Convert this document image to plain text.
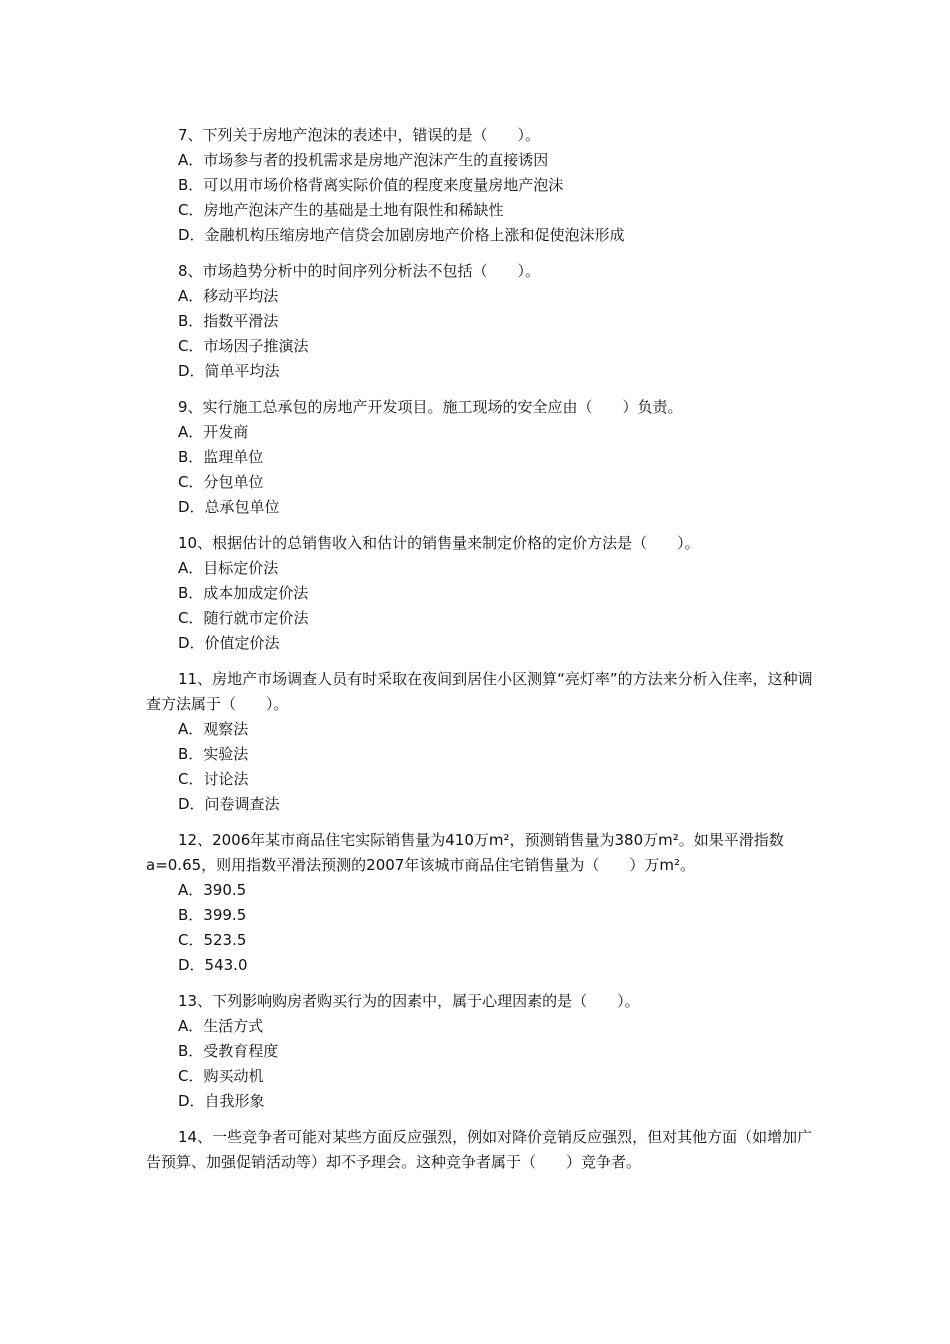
7、下列关于房地产泡沫的表述中，错误的是（　　）。

A．市场参与者的投机需求是房地产泡沫产生的直接诱因
B．可以用市场价格背离实际价值的程度来度量房地产泡沫
C．房地产泡沫产生的基础是土地有限性和稀缺性
D．金融机构压缩房地产信贷会加剧房地产价格上涨和促使泡沫形成

8、市场趋势分析中的时间序列分析法不包括（　　）。

A．移动平均法
B．指数平滑法
C．市场因子推演法
D．简单平均法

9、实行施工总承包的房地产开发项目。施工现场的安全应由（　　）负责。

A．开发商
B．监理单位
C．分包单位
D．总承包单位

10、根据估计的总销售收入和估计的销售量来制定价格的定价方法是（　　）。

A．目标定价法
B．成本加成定价法
C．随行就市定价法
D．价值定价法

11、房地产市场调查人员有时采取在夜间到居住小区测算“亮灯率”的方法来分析入住率，这种调查方法属于（　　）。

A．观察法
B．实验法
C．讨论法
D．问卷调查法

12、2006年某市商品住宅实际销售量为410万m²，预测销售量为380万m²。如果平滑指数a=0.65，则用指数平滑法预测的2007年该城市商品住宅销售量为（　　）万m²。

A．390.5
B．399.5
C．523.5
D．543.0

13、下列影响购房者购买行为的因素中，属于心理因素的是（　　）。

A．生活方式
B．受教育程度
C．购买动机
D．自我形象

14、一些竞争者可能对某些方面反应强烈，例如对降价竞销反应强烈，但对其他方面（如增加广告预算、加强促销活动等）却不予理会。这种竞争者属于（　　）竞争者。
